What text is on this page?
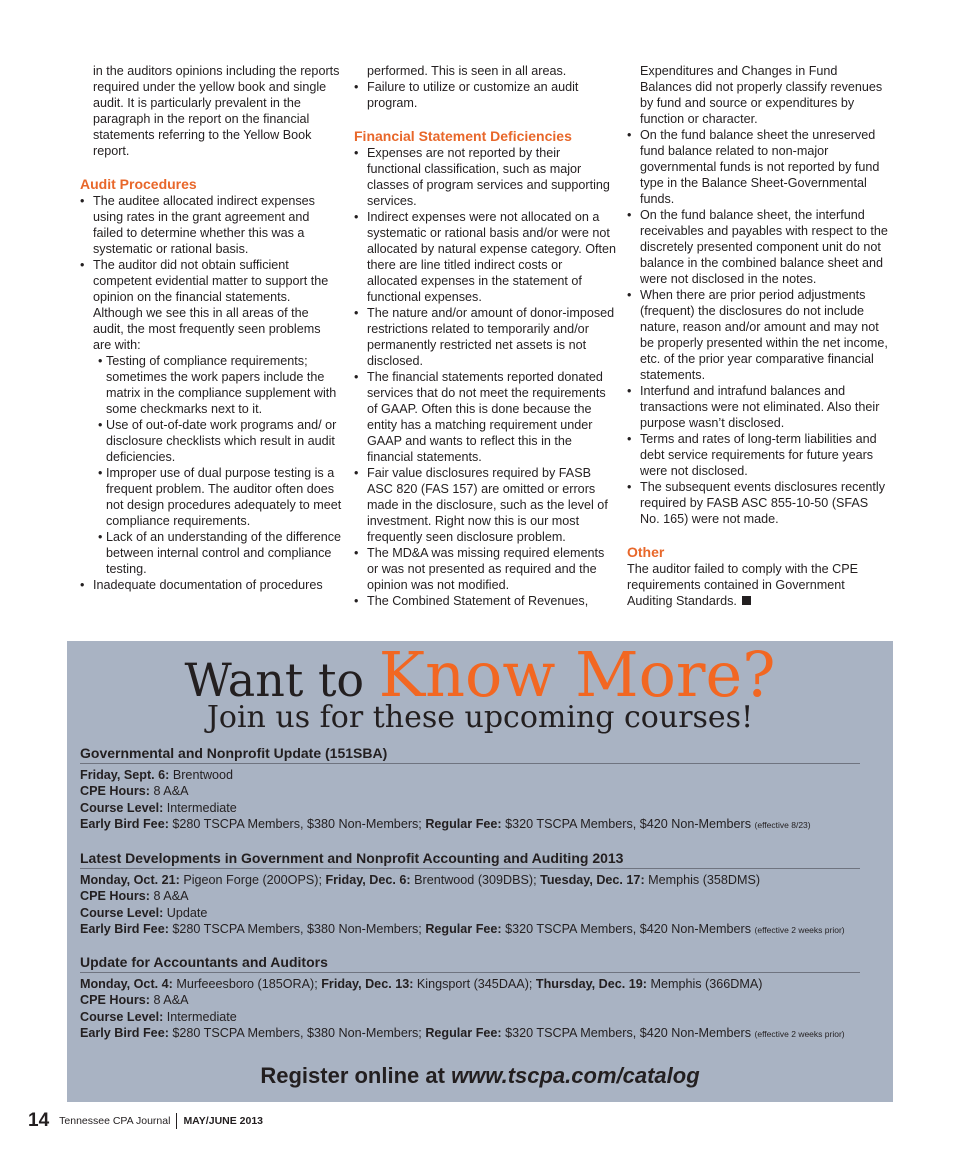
in the auditors opinions including the reports required under the yellow book and single audit. It is particularly prevalent in the paragraph in the report on the financial statements referring to the Yellow Book report.

Audit Procedures
• The auditee allocated indirect expenses using rates in the grant agreement and failed to determine whether this was a systematic or rational basis.
• The auditor did not obtain sufficient competent evidential matter to support the opinion on the financial statements. Although we see this in all areas of the audit, the most frequently seen problems are with:
• Testing of compliance requirements; sometimes the work papers include the matrix in the compliance supplement with some checkmarks next to it.
• Use of out-of-date work programs and/ or disclosure checklists which result in audit deficiencies.
• Improper use of dual purpose testing is a frequent problem. The auditor often does not design procedures adequately to meet compliance requirements.
• Lack of an understanding of the difference between internal control and compliance testing.
• Inadequate documentation of procedures

performed. This is seen in all areas.

• Failure to utilize or customize an audit program.
Financial Statement Deficiencies
• Expenses are not reported by their functional classification, such as major classes of program services and supporting services.
• Indirect expenses were not allocated on a systematic or rational basis and/or were not allocated by natural expense category. Often there are line titled indirect costs or allocated expenses in the statement of functional expenses.
• The nature and/or amount of donor-imposed restrictions related to temporarily and/or permanently restricted net assets is not disclosed.
• The financial statements reported donated services that do not meet the requirements of GAAP. Often this is done because the entity has a matching requirement under GAAP and wants to reflect this in the financial statements.
• Fair value disclosures required by FASB ASC 820 (FAS 157) are omitted or errors made in the disclosure, such as the level of investment. Right now this is our most frequently seen disclosure problem.
• The MD&A was missing required elements or was not presented as required and the opinion was not modified.
• The Combined Statement of Revenues,

Expenditures and Changes in Fund Balances did not properly classify revenues by fund and source or expenditures by function or character.

• On the fund balance sheet the unreserved fund balance related to non-major governmental funds is not reported by fund type in the Balance Sheet-Governmental funds.
• On the fund balance sheet, the interfund receivables and payables with respect to the discretely presented component unit do not balance in the combined balance sheet and were not disclosed in the notes.
• When there are prior period adjustments (frequent) the disclosures do not include nature, reason and/or amount and may not be properly presented within the net income, etc. of the prior year comparative financial statements.
• Interfund and intrafund balances and transactions were not eliminated. Also their purpose wasn’t disclosed.
• Terms and rates of long-term liabilities and debt service requirements for future years were not disclosed.
• The subsequent events disclosures recently required by FASB ASC 855-10-50 (SFAS No. 165) were not made.
Other

The auditor failed to comply with the CPE requirements contained in Government Auditing Standards.

Want to Know More?
Join us for these upcoming courses!
Governmental and Nonprofit Update (151SBA)
Friday, Sept. 6: Brentwood
CPE Hours: 8 A&A
Course Level: Intermediate
Early Bird Fee: $280 TSCPA Members, $380 Non-Members; Regular Fee: $320 TSCPA Members, $420 Non-Members (effective 8/23)
Latest Developments in Government and Nonprofit Accounting and Auditing 2013
Monday, Oct. 21: Pigeon Forge (200OPS); Friday, Dec. 6: Brentwood (309DBS); Tuesday, Dec. 17: Memphis (358DMS)
CPE Hours: 8 A&A
Course Level: Update
Early Bird Fee: $280 TSCPA Members, $380 Non-Members; Regular Fee: $320 TSCPA Members, $420 Non-Members (effective 2 weeks prior)
Update for Accountants and Auditors
Monday, Oct. 4: Murfeeesboro (185ORA); Friday, Dec. 13: Kingsport (345DAA); Thursday, Dec. 19: Memphis (366DMA)
CPE Hours: 8 A&A
Course Level: Intermediate
Early Bird Fee: $280 TSCPA Members, $380 Non-Members; Regular Fee: $320 TSCPA Members, $420 Non-Members (effective 2 weeks prior)
Register online at www.tscpa.com/catalog
14 Tennessee CPA Journal MAY/JUNE 2013
